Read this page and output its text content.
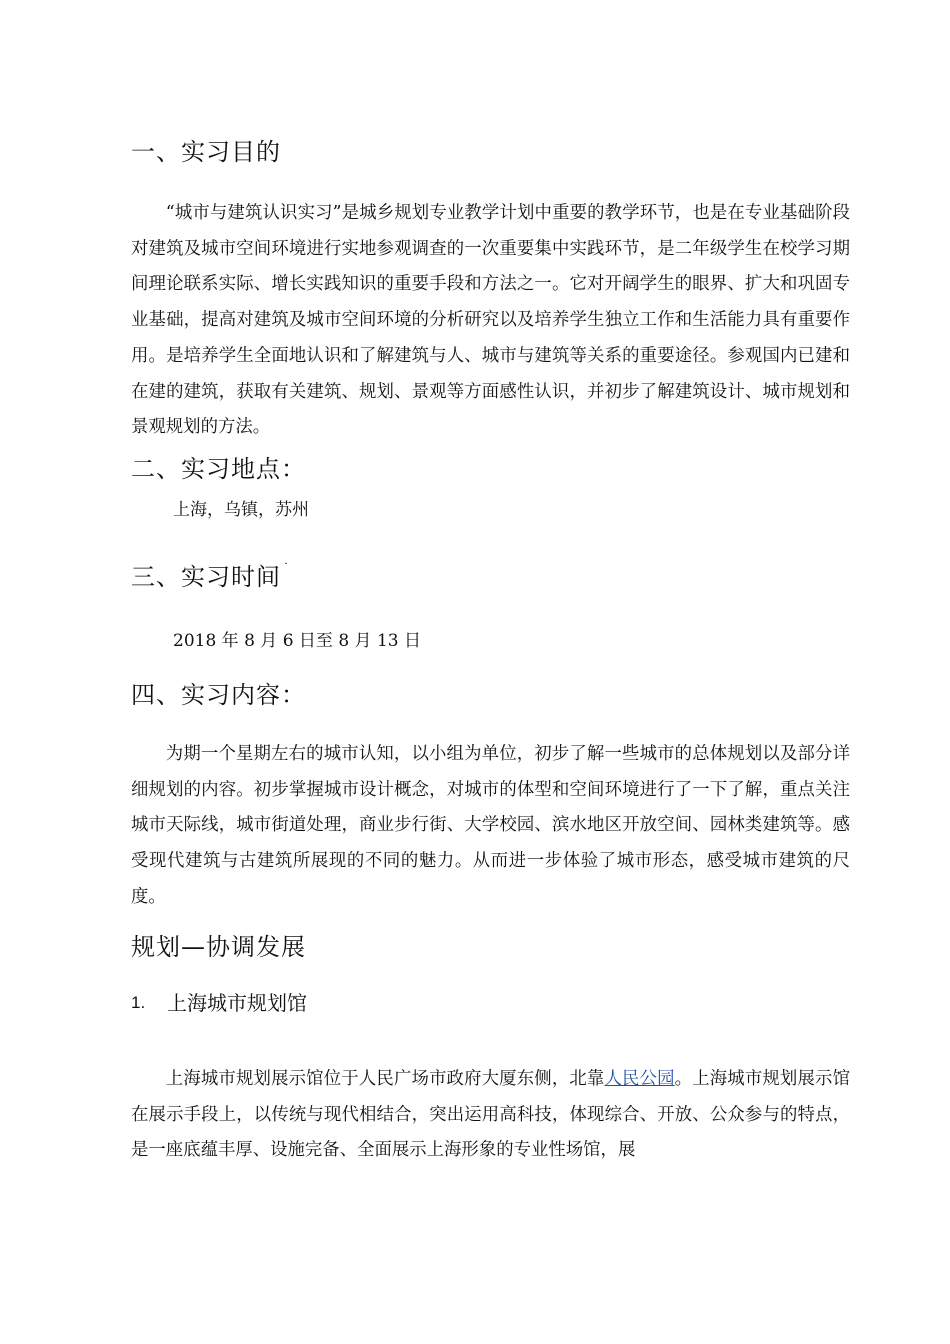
一、实习目的
“城市与建筑认识实习”是城乡规划专业教学计划中重要的教学环节，也是在专业基础阶段对建筑及城市空间环境进行实地参观调查的一次重要集中实践环节，是二年级学生在校学习期间理论联系实际、增长实践知识的重要手段和方法之一。它对开阔学生的眼界、扩大和巩固专业基础，提高对建筑及城市空间环境的分析研究以及培养学生独立工作和生活能力具有重要作用。是培养学生全面地认识和了解建筑与人、城市与建筑等关系的重要途径。参观国内已建和在建的建筑，获取有关建筑、规划、景观等方面感性认识，并初步了解建筑设计、城市规划和景观规划的方法。
二、实习地点：
上海，乌镇，苏州
三、实习时间 ˙
2018 年 8 月 6 日至 8 月 13 日
四、实习内容：
为期一个星期左右的城市认知，以小组为单位，初步了解一些城市的总体规划以及部分详细规划的内容。初步掌握城市设计概念，对城市的体型和空间环境进行了一下了解，重点关注城市天际线，城市街道处理，商业步行街、大学校园、滨水地区开放空间、园林类建筑等。感受现代建筑与古建筑所展现的不同的魅力。从而进一步体验了城市形态，感受城市建筑的尺度。
规划—协调发展
1. 上海城市规划馆
上海城市规划展示馆位于人民广场市政府大厦东侧，北靠人民公园。上海城市规划展示馆在展示手段上，以传统与现代相结合，突出运用高科技，体现综合、开放、公众参与的特点，是一座底蕴丰厚、设施完备、全面展示上海形象的专业性场馆，展
